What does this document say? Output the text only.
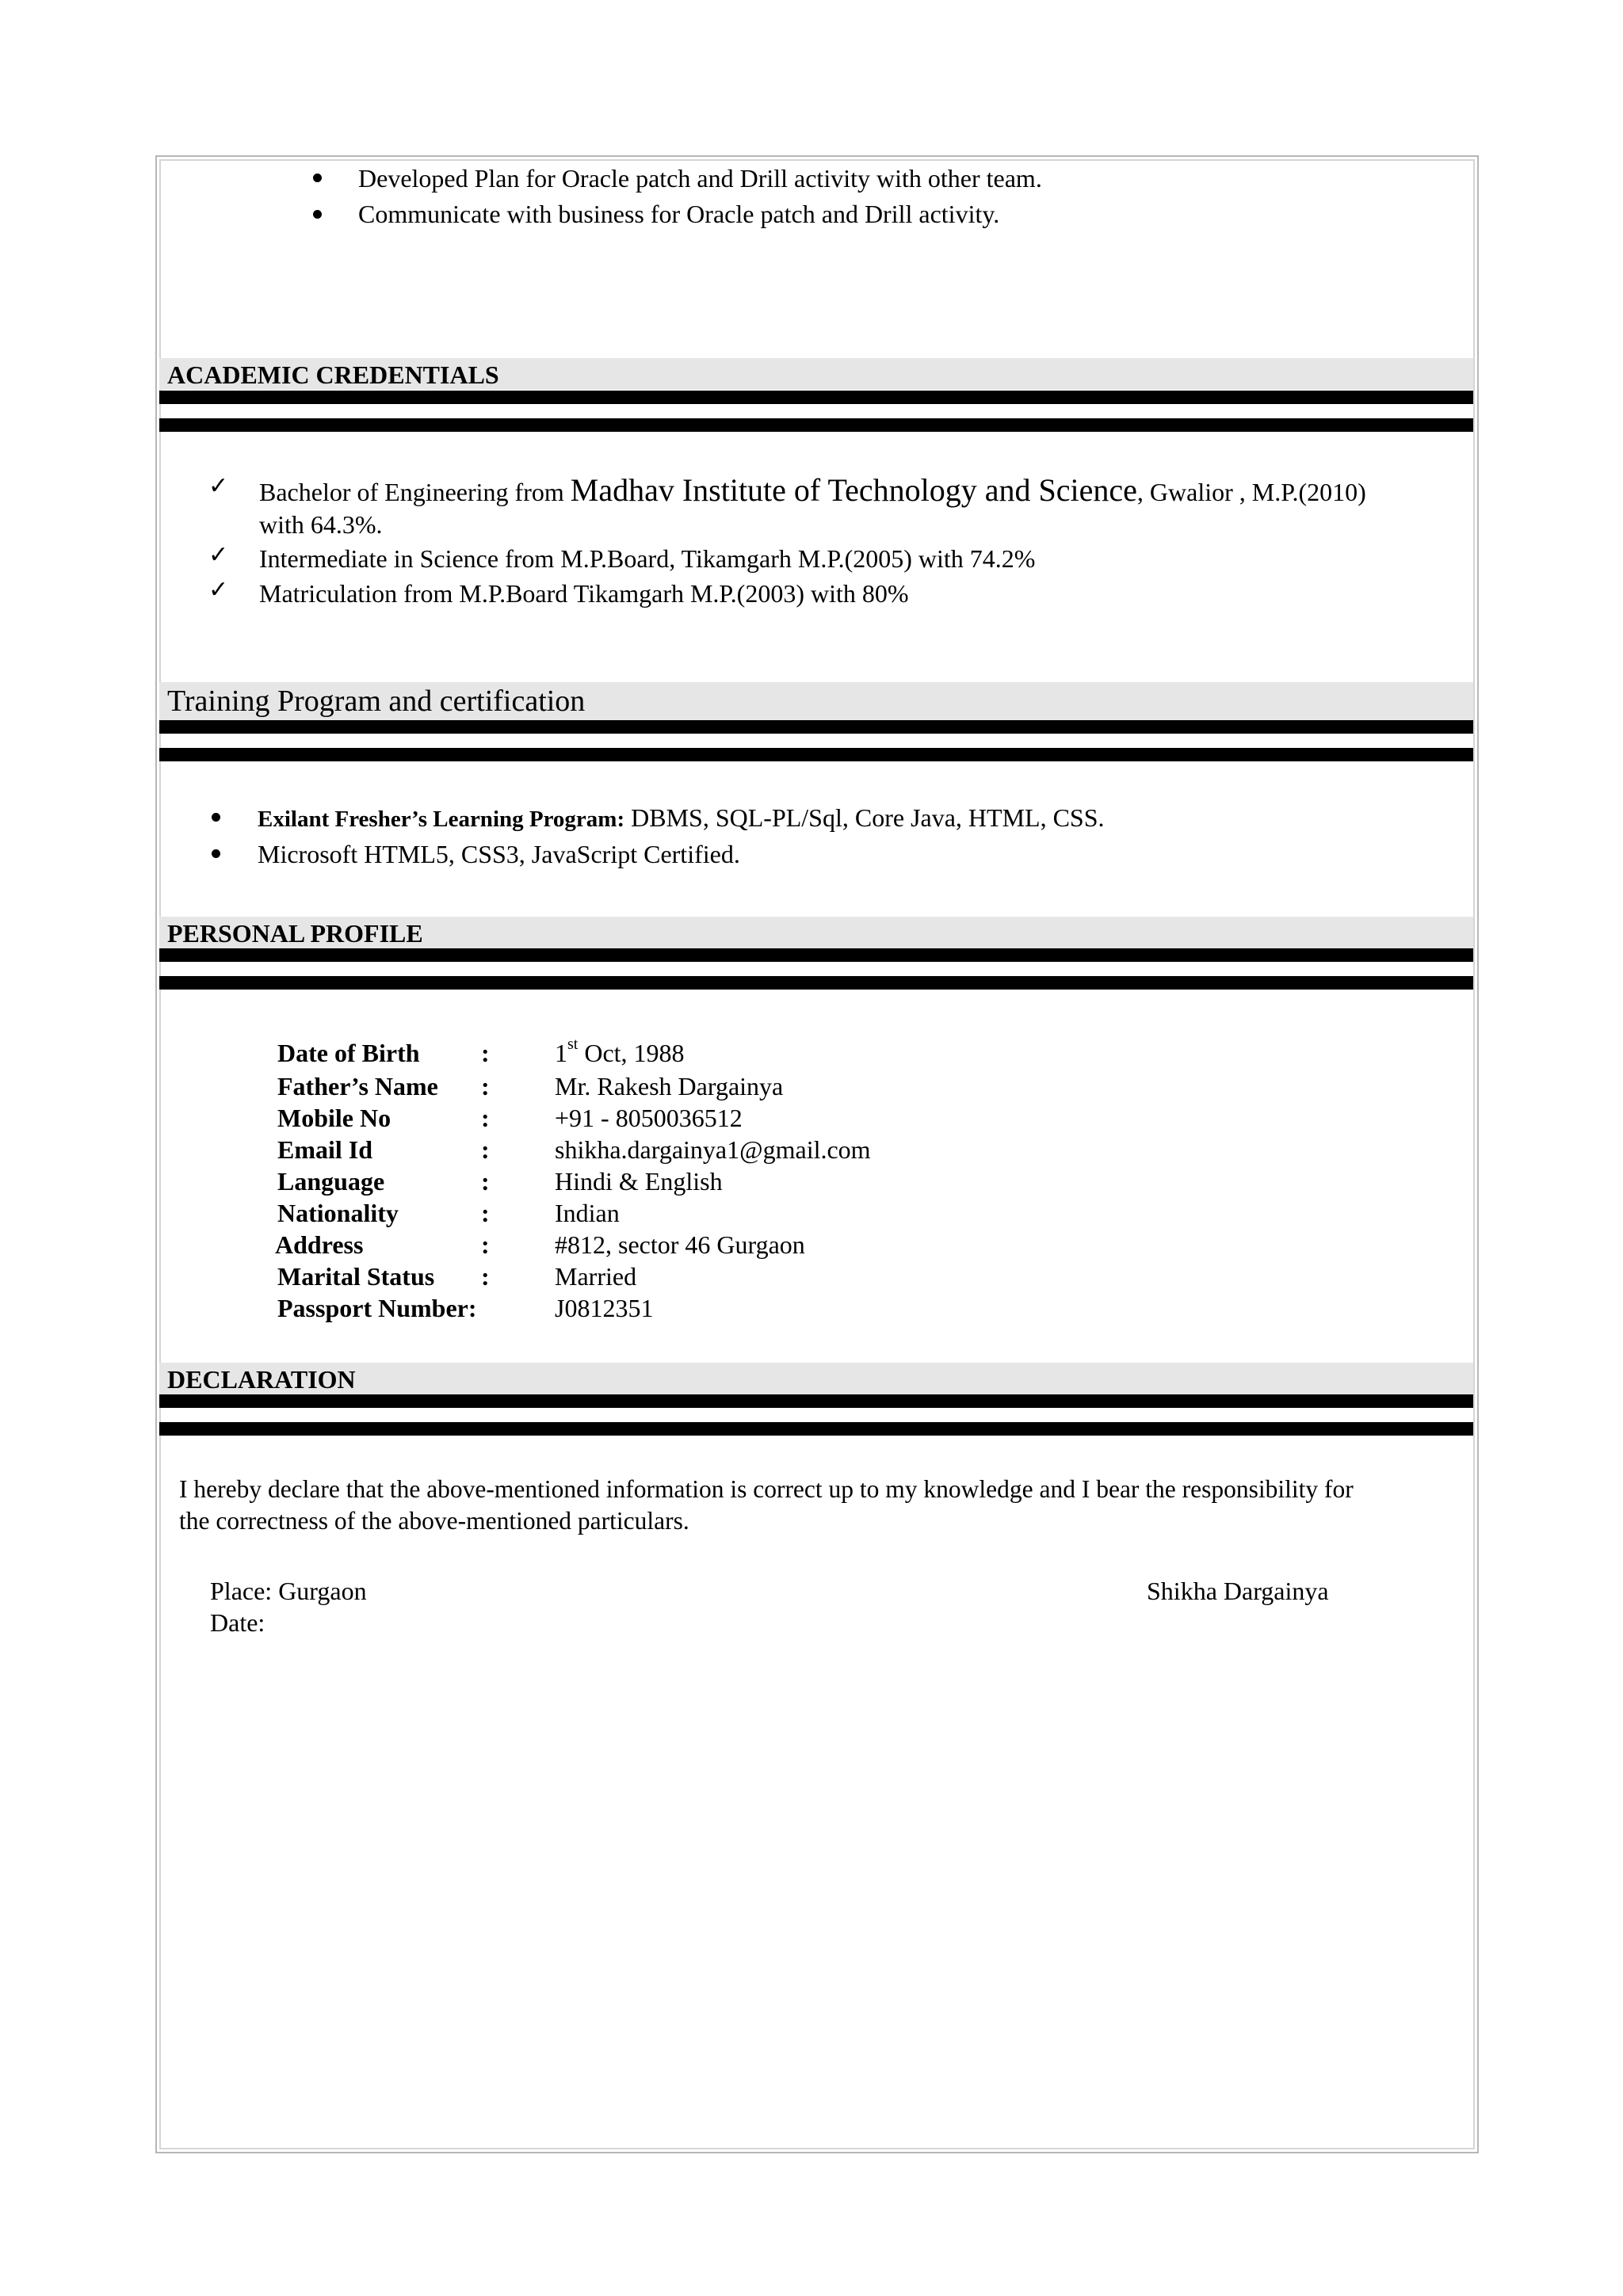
Developed Plan for Oracle patch and Drill activity with other team.
Communicate with business for Oracle patch and Drill activity.
ACADEMIC CREDENTIALS
✓ Bachelor of Engineering from Madhav Institute of Technology and Science, Gwalior , M.P.(2010)
with 64.3%.
✓ Intermediate in Science from M.P.Board, Tikamgarh M.P.(2005) with 74.2%
✓ Matriculation from M.P.Board Tikamgarh M.P.(2003) with 80%
Training Program and certification
Exilant Fresher’s Learning Program: DBMS, SQL-PL/Sql, Core Java, HTML, CSS.
Microsoft HTML5, CSS3, JavaScript Certified.
PERSONAL PROFILE
Date of Birth :	1st Oct, 1988
Father’s Name :	Mr. Rakesh Dargainya
Mobile No	:	+91 - 8050036512
Email Id	:	shikha.dargainya1@gmail.com
Language	:	Hindi & English
Nationality	:	Indian
Address	:	#812, sector 46 Gurgaon
Marital Status :	Married
Passport Number:	J0812351
DECLARATION
I hereby declare that the above-mentioned information is correct up to my knowledge and I bear the responsibility for
the correctness of the above-mentioned particulars.
Place: Gurgaon
Date:
Shikha Dargainya
